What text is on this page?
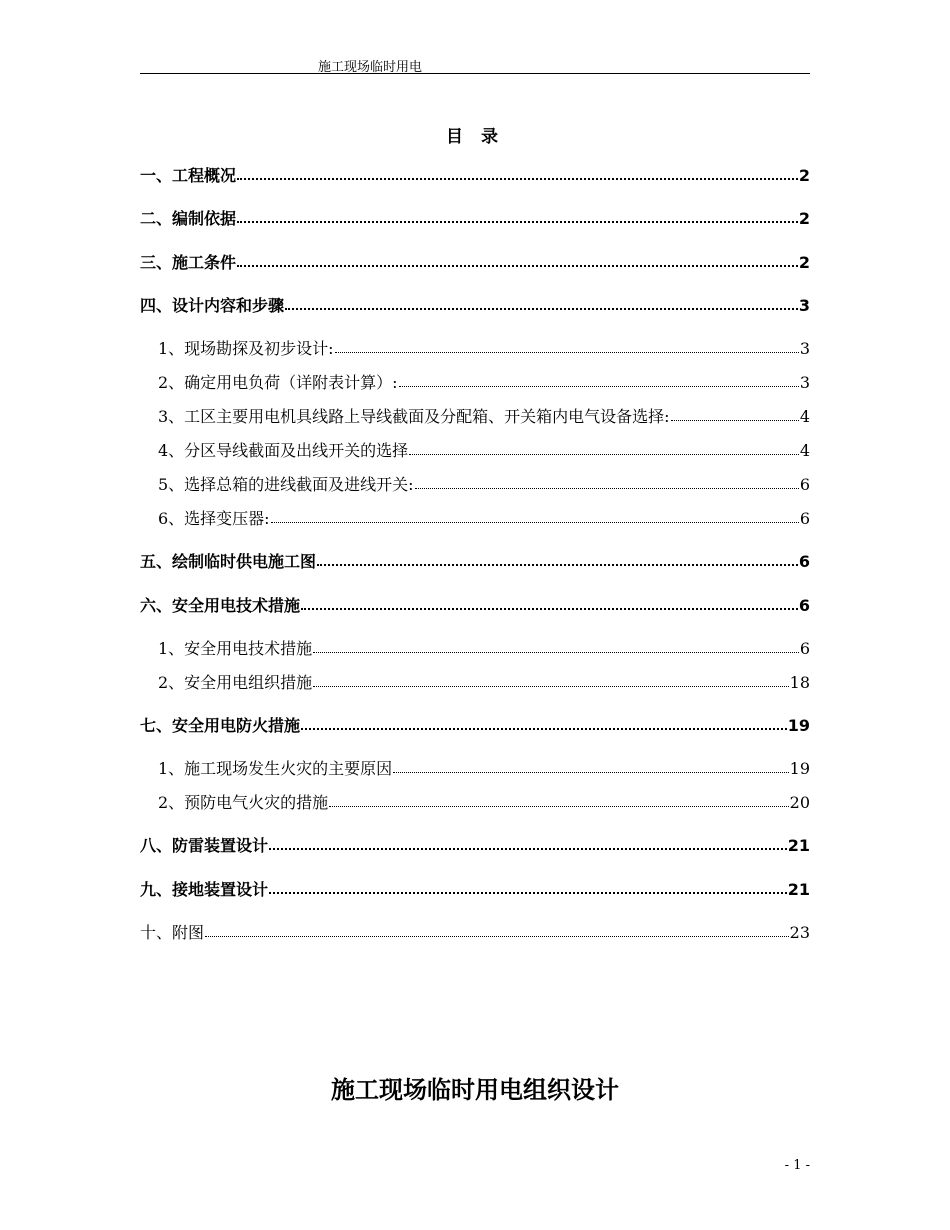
施工现场临时用电
目 录
一、工程概况	2
二、编制依据	2
三、施工条件	2
四、设计内容和步骤	3
1、现场勘探及初步设计:	3
2、确定用电负荷（详附表计算）:	3
3、工区主要用电机具线路上导线截面及分配箱、开关箱内电气设备选择:	4
4、分区导线截面及出线开关的选择	4
5、选择总箱的进线截面及进线开关:	6
6、选择变压器:	6
五、绘制临时供电施工图	6
六、安全用电技术措施	6
1、安全用电技术措施	6
2、安全用电组织措施	18
七、安全用电防火措施	19
1、施工现场发生火灾的主要原因	19
2、预防电气火灾的措施	20
八、防雷装置设计	21
九、接地装置设计	21
十、附图	23
施工现场临时用电组织设计
- 1 -
